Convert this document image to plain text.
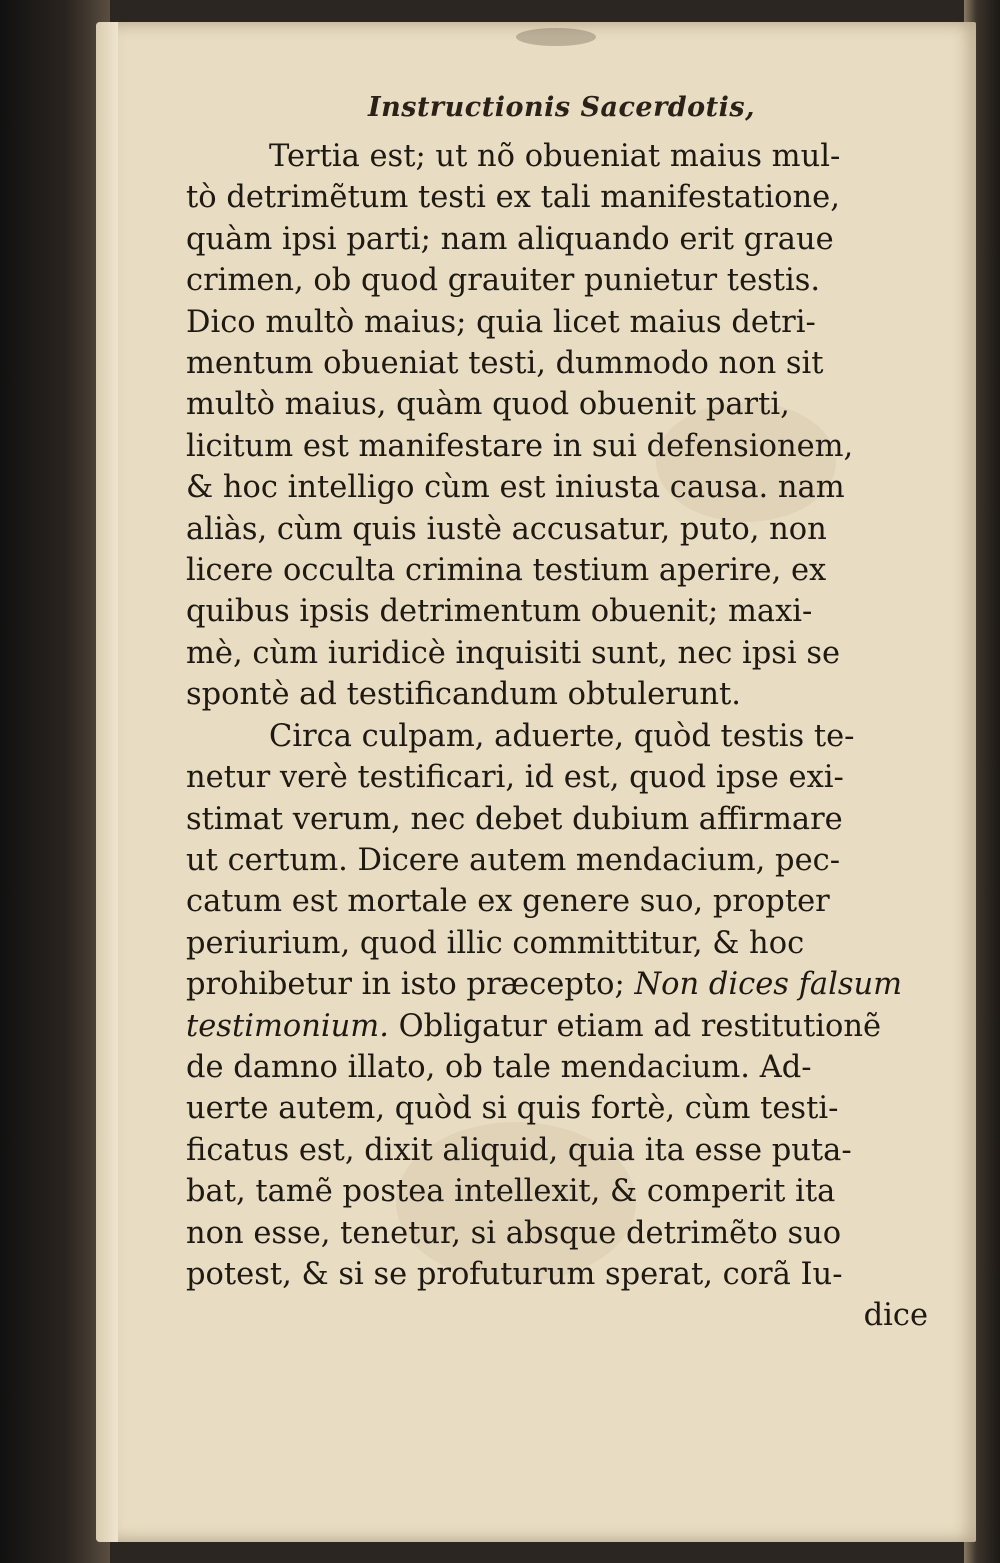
Instructionis Sacerdotis,
Tertia est; ut nõ obueniat maius mul-
tò detrimẽtum testi ex tali manifestatione,
quàm ipsi parti; nam aliquando erit graue
crimen, ob quod grauiter punietur testis.
Dico multò maius; quia licet maius detri-
mentum obueniat testi, dummodo non sit
multò maius, quàm quod obuenit parti,
licitum est manifestare in sui defensionem,
& hoc intelligo cùm est iniusta causa. nam
aliàs, cùm quis iustè accusatur, puto, non
licere occulta crimina testium aperire, ex
quibus ipsis detrimentum obuenit; maxi-
mè, cùm iuridicè inquisiti sunt, nec ipsi se
spontè ad testificandum obtulerunt.
Circa culpam, aduerte, quòd testis te-
netur verè testificari, id est, quod ipse exi-
stimat verum, nec debet dubium affirmare
ut certum. Dicere autem mendacium, pec-
catum est mortale ex genere suo, propter
periurium, quod illic committitur, & hoc
prohibetur in isto præcepto; Non dices falsum
testimonium. Obligatur etiam ad restitutionẽ
de damno illato, ob tale mendacium. Ad-
uerte autem, quòd si quis fortè, cùm testi-
ficatus est, dixit aliquid, quia ita esse puta-
bat, tamẽ postea intellexit, & comperit ita
non esse, tenetur, si absque detrimẽto suo
potest, & si se profuturum sperat, corã Iu-
dice
